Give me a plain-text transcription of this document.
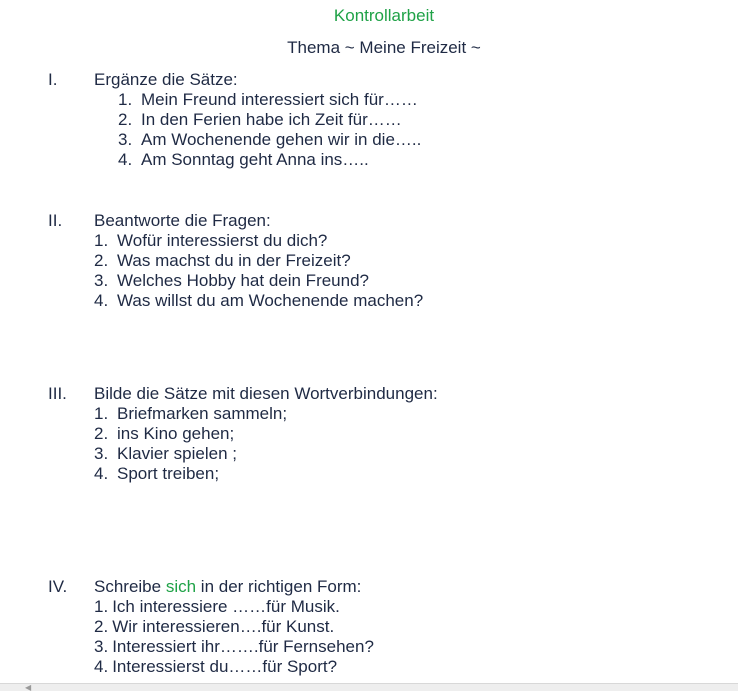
Kontrollarbeit
Thema ~ Meine Freizeit ~
I. Ergänze die Sätze:
1. Mein Freund interessiert sich für……
2. In den Ferien habe ich Zeit für……
3. Am Wochenende gehen wir in die…..
4. Am Sonntag geht Anna ins…..
II. Beantworte die Fragen:
1. Wofür interessierst du dich?
2. Was machst du in der Freizeit?
3. Welches Hobby hat dein Freund?
4. Was willst du am Wochenende machen?
III. Bilde die Sätze mit diesen Wortverbindungen:
1. Briefmarken sammeln;
2. ins Kino gehen;
3. Klavier spielen ;
4. Sport treiben;
IV. Schreibe sich in der richtigen Form:
1. Ich interessiere ……für Musik.
2. Wir interessieren….für Kunst.
3. Interessiert ihr…….für Fernsehen?
4. Interessierst du……für Sport?
◀
